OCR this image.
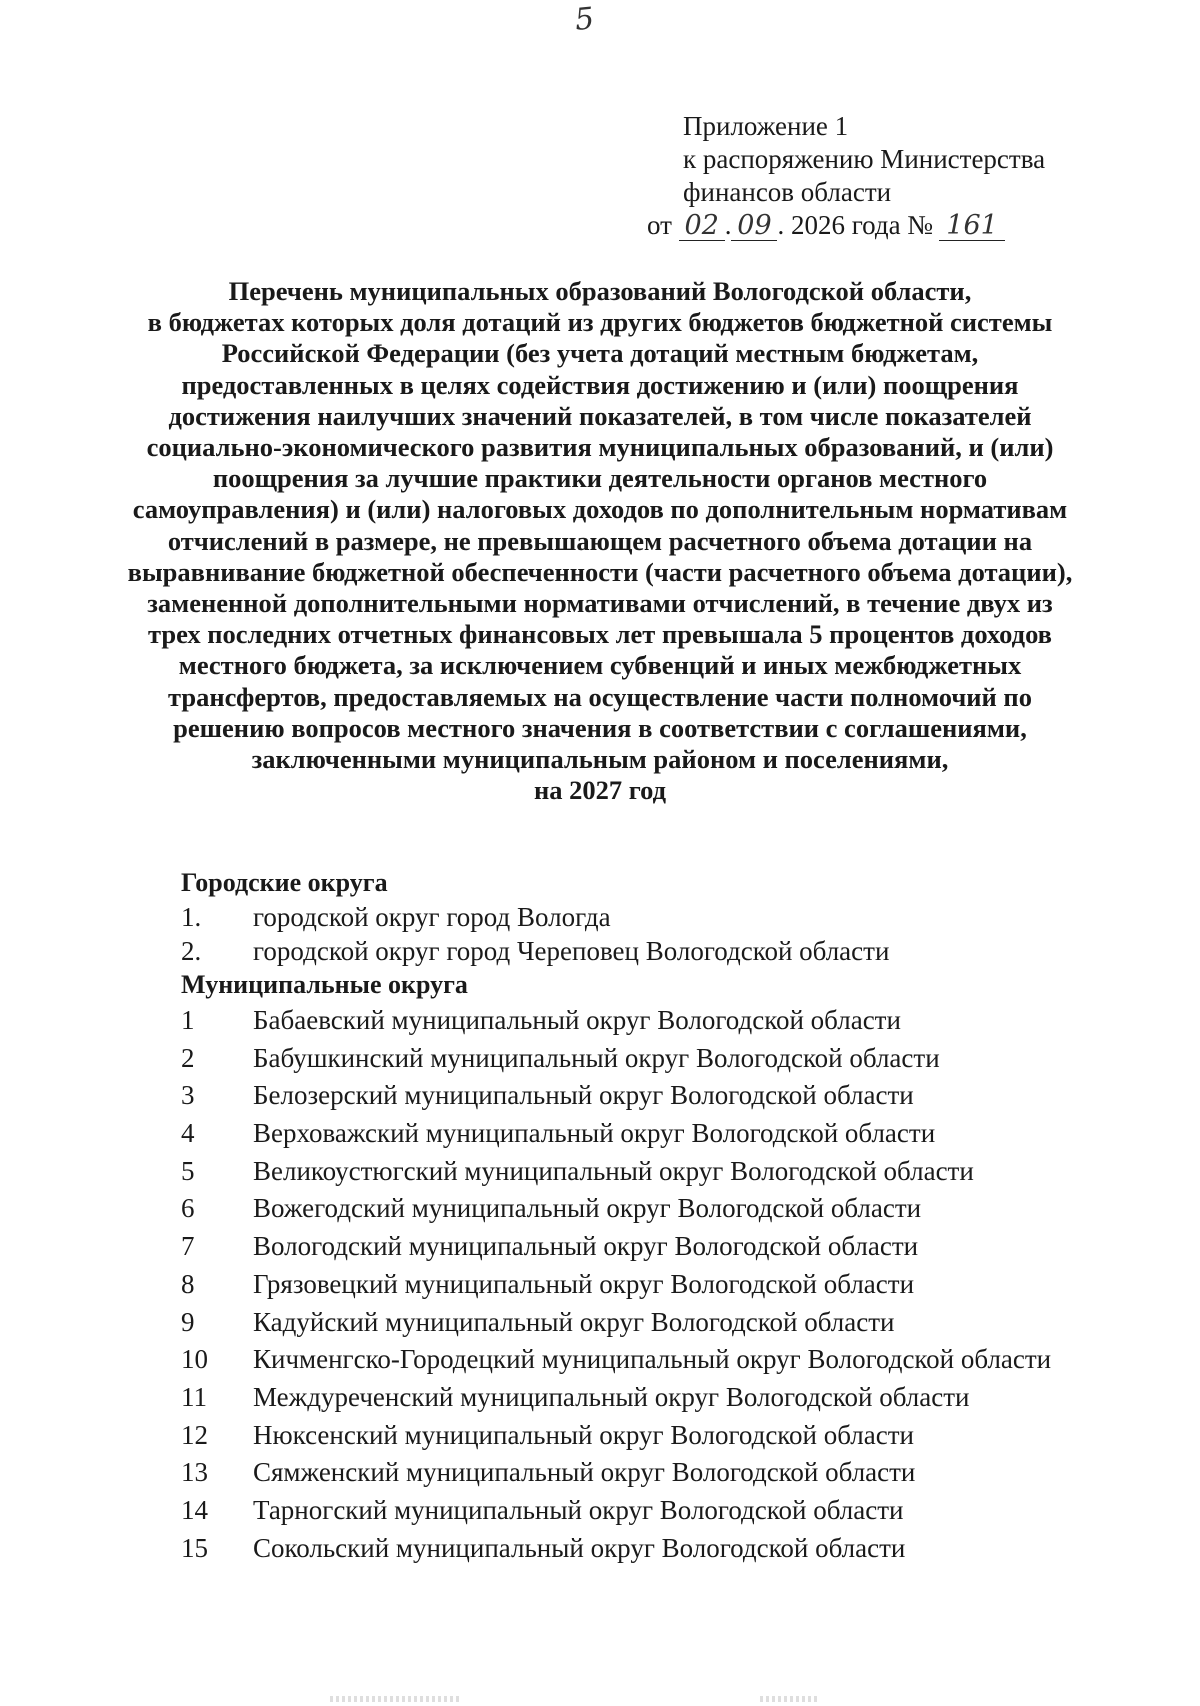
5
Приложение 1
к распоряжению Министерства
финансов области
от 02 . 09 . 2026 года № 161
Перечень муниципальных образований Вологодской области,
в бюджетах которых доля дотаций из других бюджетов бюджетной системы
Российской Федерации (без учета дотаций местным бюджетам,
предоставленных в целях содействия достижению и (или) поощрения
достижения наилучших значений показателей, в том числе показателей
социально-экономического развития муниципальных образований, и (или)
поощрения за лучшие практики деятельности органов местного
самоуправления) и (или) налоговых доходов по дополнительным нормативам
отчислений в размере, не превышающем расчетного объема дотации на
выравнивание бюджетной обеспеченности (части расчетного объема дотации),
замененной дополнительными нормативами отчислений, в течение двух из
трех последних отчетных финансовых лет превышала 5 процентов доходов
местного бюджета, за исключением субвенций и иных межбюджетных
трансфертов, предоставляемых на осуществление части полномочий по
решению вопросов местного значения в соответствии с соглашениями,
заключенными муниципальным районом и поселениями,
на 2027 год
Городские округа
1.	городской округ город Вологда
2.	городской округ город Череповец Вологодской области
Муниципальные округа
1	Бабаевский муниципальный округ Вологодской области
2	Бабушкинский муниципальный округ Вологодской области
3	Белозерский муниципальный округ Вологодской области
4	Верховажский муниципальный округ Вологодской области
5	Великоустюгский муниципальный округ Вологодской области
6	Вожегодский муниципальный округ Вологодской области
7	Вологодский муниципальный округ Вологодской области
8	Грязовецкий муниципальный округ Вологодской области
9	Кадуйский муниципальный округ Вологодской области
10	Кичменгско-Городецкий муниципальный округ Вологодской области
11	Междуреченский муниципальный округ Вологодской области
12	Нюксенский муниципальный округ Вологодской области
13	Сямженский муниципальный округ Вологодской области
14	Тарногский муниципальный округ Вологодской области
15	Сокольский муниципальный округ Вологодской области
